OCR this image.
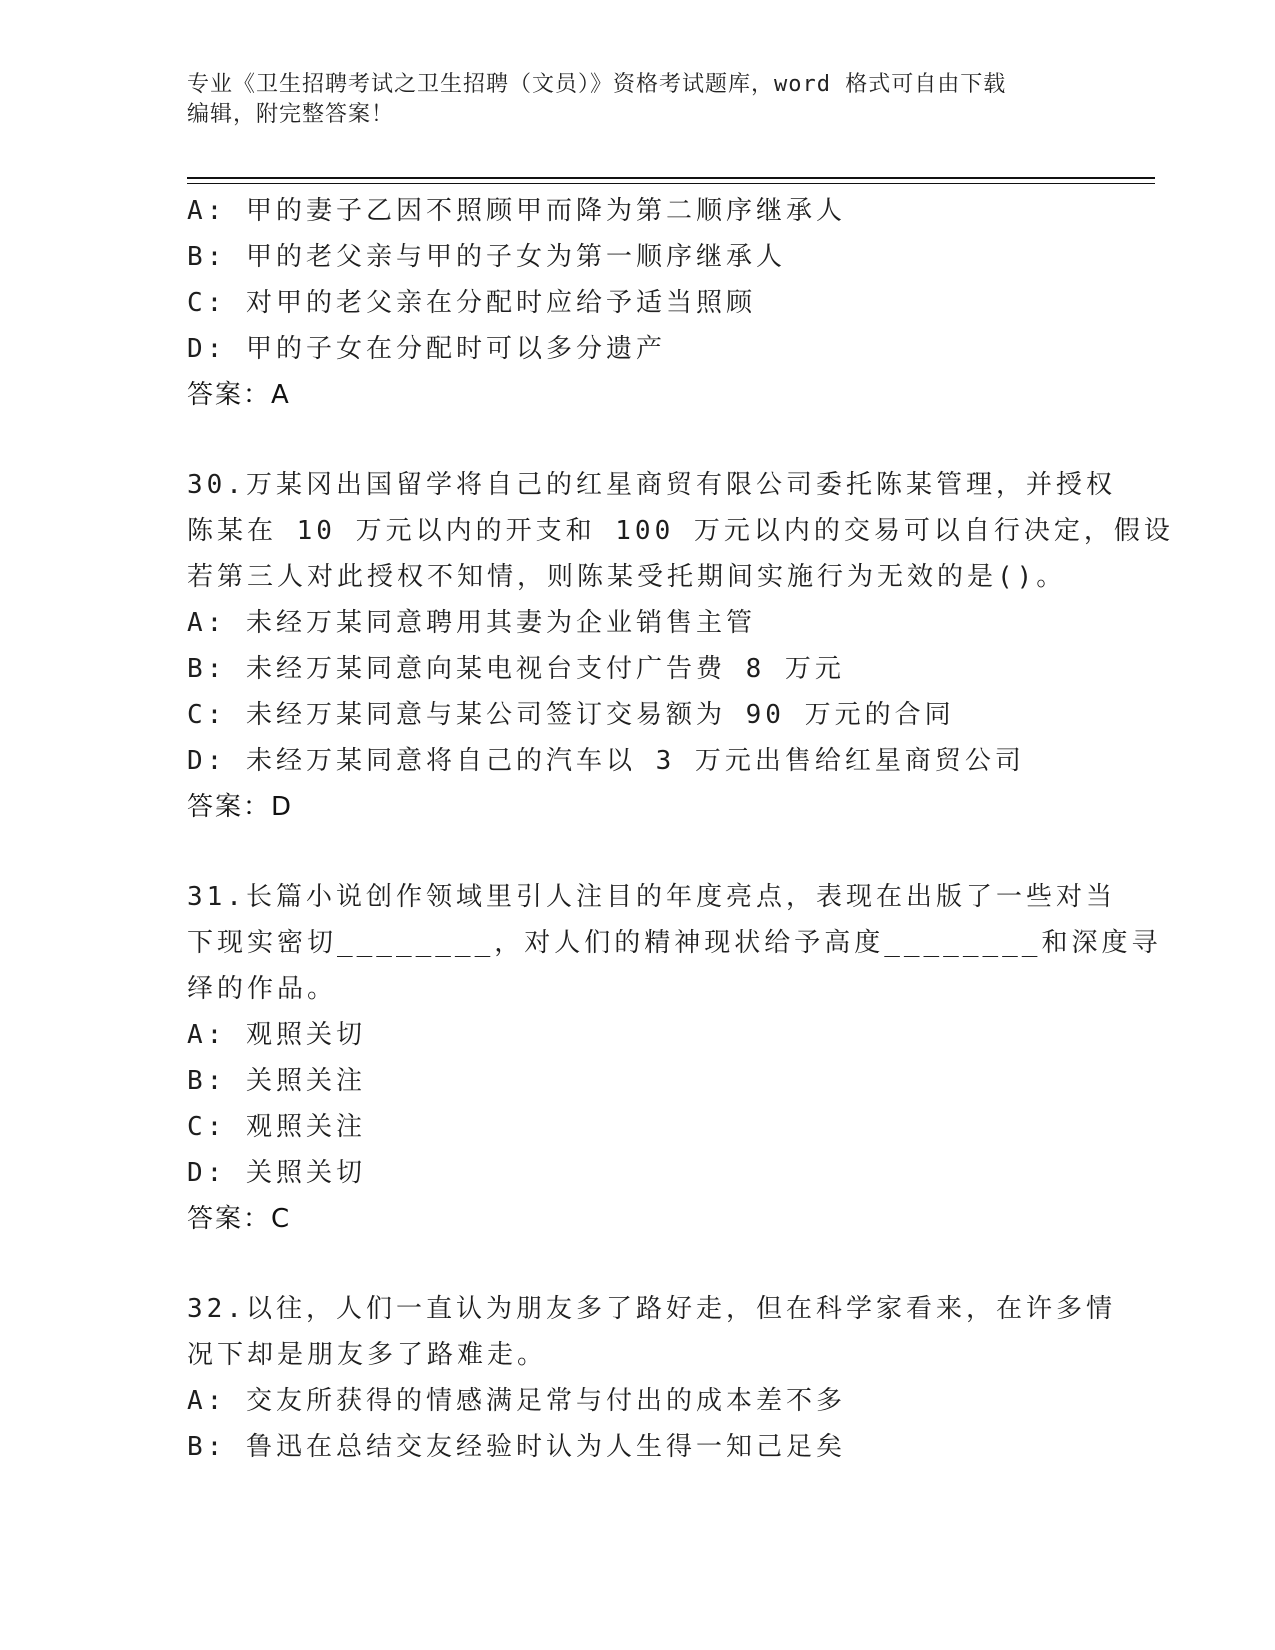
专业《卫生招聘考试之卫生招聘（文员）》资格考试题库，word 格式可自由下载
编辑，附完整答案！
A: 甲的妻子乙因不照顾甲而降为第二顺序继承人
B: 甲的老父亲与甲的子女为第一顺序继承人
C: 对甲的老父亲在分配时应给予适当照顾
D: 甲的子女在分配时可以多分遗产
答案：A
30.万某冈出国留学将自己的红星商贸有限公司委托陈某管理，并授权
陈某在 10 万元以内的开支和 100 万元以内的交易可以自行决定，假设
若第三人对此授权不知情，则陈某受托期间实施行为无效的是()。
A: 未经万某同意聘用其妻为企业销售主管
B: 未经万某同意向某电视台支付广告费 8 万元
C: 未经万某同意与某公司签订交易额为 90 万元的合同
D: 未经万某同意将自己的汽车以 3 万元出售给红星商贸公司
答案：D
31.长篇小说创作领域里引人注目的年度亮点，表现在出版了一些对当
下现实密切________，对人们的精神现状给予高度________和深度寻
绎的作品。
A: 观照关切
B: 关照关注
C: 观照关注
D: 关照关切
答案：C
32.以往，人们一直认为朋友多了路好走，但在科学家看来，在许多情
况下却是朋友多了路难走。
A: 交友所获得的情感满足常与付出的成本差不多
B: 鲁迅在总结交友经验时认为人生得一知己足矣
